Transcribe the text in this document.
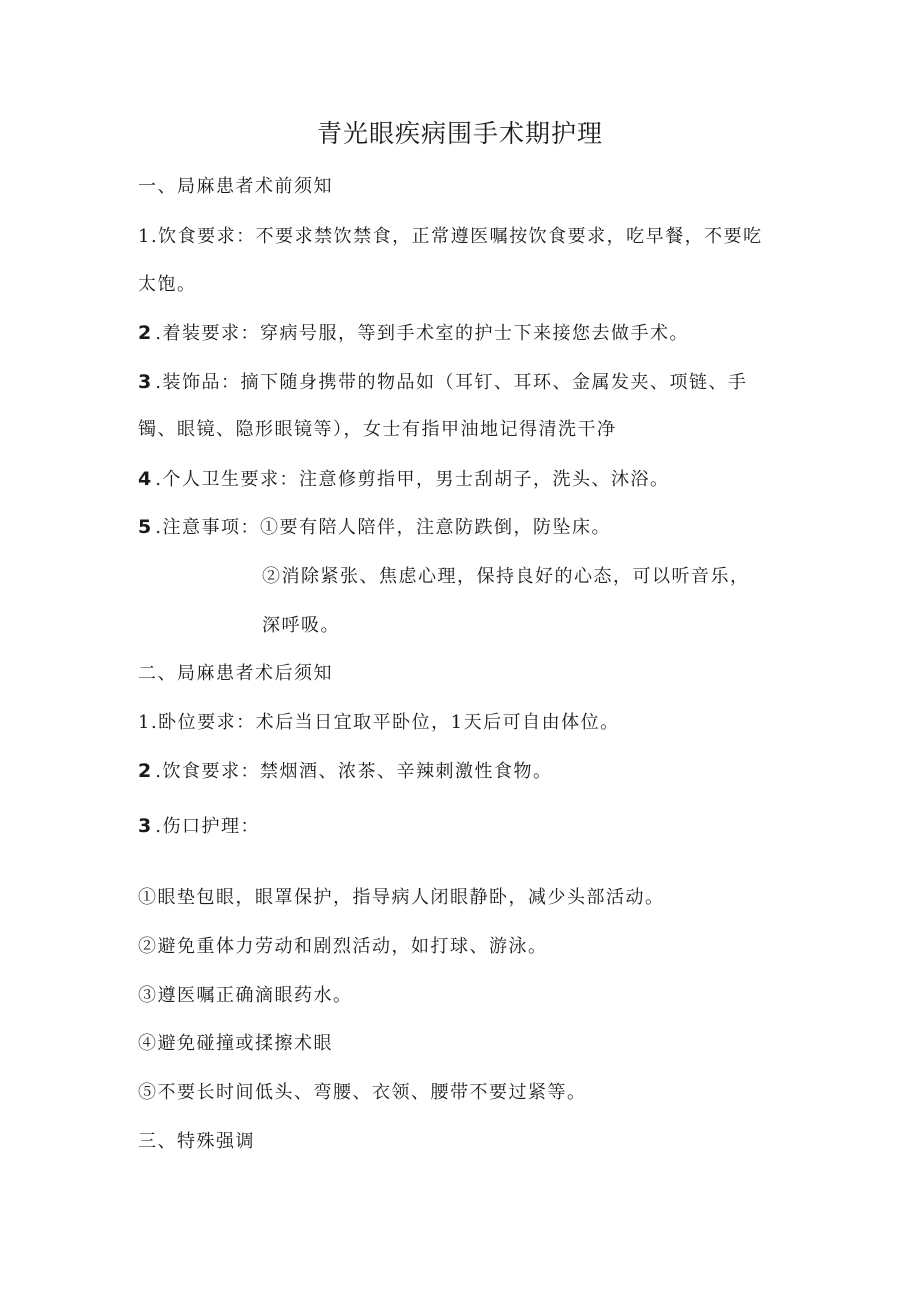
青光眼疾病围手术期护理
一、局麻患者术前须知
1.饮食要求：不要求禁饮禁食，正常遵医嘱按饮食要求，吃早餐，不要吃
太饱。
2 .着装要求：穿病号服，等到手术室的护士下来接您去做手术。
3 .装饰品：摘下随身携带的物品如（耳钉、耳环、金属发夹、项链、手
镯、眼镜、隐形眼镜等），女士有指甲油地记得清洗干净
4 .个人卫生要求：注意修剪指甲，男士刮胡子，洗头、沐浴。
5 .注意事项：①要有陪人陪伴，注意防跌倒，防坠床。
②消除紧张、焦虑心理，保持良好的心态，可以听音乐，
深呼吸。
二、局麻患者术后须知
1.卧位要求：术后当日宜取平卧位，1天后可自由体位。
2 .饮食要求：禁烟酒、浓茶、辛辣刺激性食物。
3 .伤口护理：
①眼垫包眼，眼罩保护，指导病人闭眼静卧，减少头部活动。
②避免重体力劳动和剧烈活动，如打球、游泳。
③遵医嘱正确滴眼药水。
④避免碰撞或揉擦术眼
⑤不要长时间低头、弯腰、衣领、腰带不要过紧等。
三、特殊强调
